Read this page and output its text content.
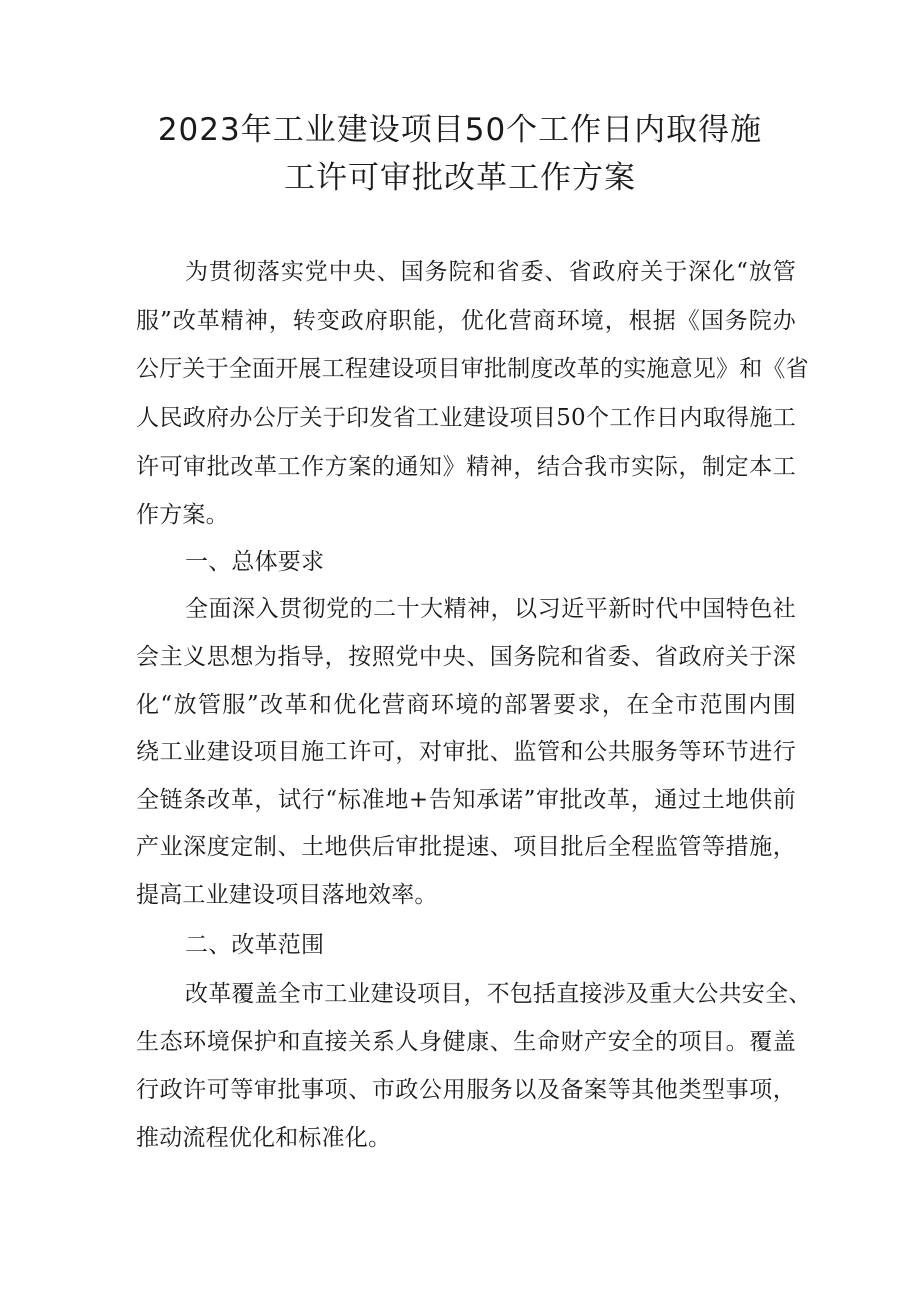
2023年工业建设项目50个工作日内取得施
工许可审批改革工作方案
为贯彻落实党中央、国务院和省委、省政府关于深化“放管
服”改革精神，转变政府职能，优化营商环境，根据《国务院办
公厅关于全面开展工程建设项目审批制度改革的实施意见》和《省
人民政府办公厅关于印发省工业建设项目50个工作日内取得施工
许可审批改革工作方案的通知》精神，结合我市实际，制定本工
作方案。
一、总体要求
全面深入贯彻党的二十大精神，以习近平新时代中国特色社
会主义思想为指导，按照党中央、国务院和省委、省政府关于深
化“放管服”改革和优化营商环境的部署要求，在全市范围内围
绕工业建设项目施工许可，对审批、监管和公共服务等环节进行
全链条改革，试行“标准地+告知承诺”审批改革，通过土地供前
产业深度定制、土地供后审批提速、项目批后全程监管等措施，
提高工业建设项目落地效率。
二、改革范围
改革覆盖全市工业建设项目，不包括直接涉及重大公共安全、
生态环境保护和直接关系人身健康、生命财产安全的项目。覆盖
行政许可等审批事项、市政公用服务以及备案等其他类型事项，
推动流程优化和标准化。
